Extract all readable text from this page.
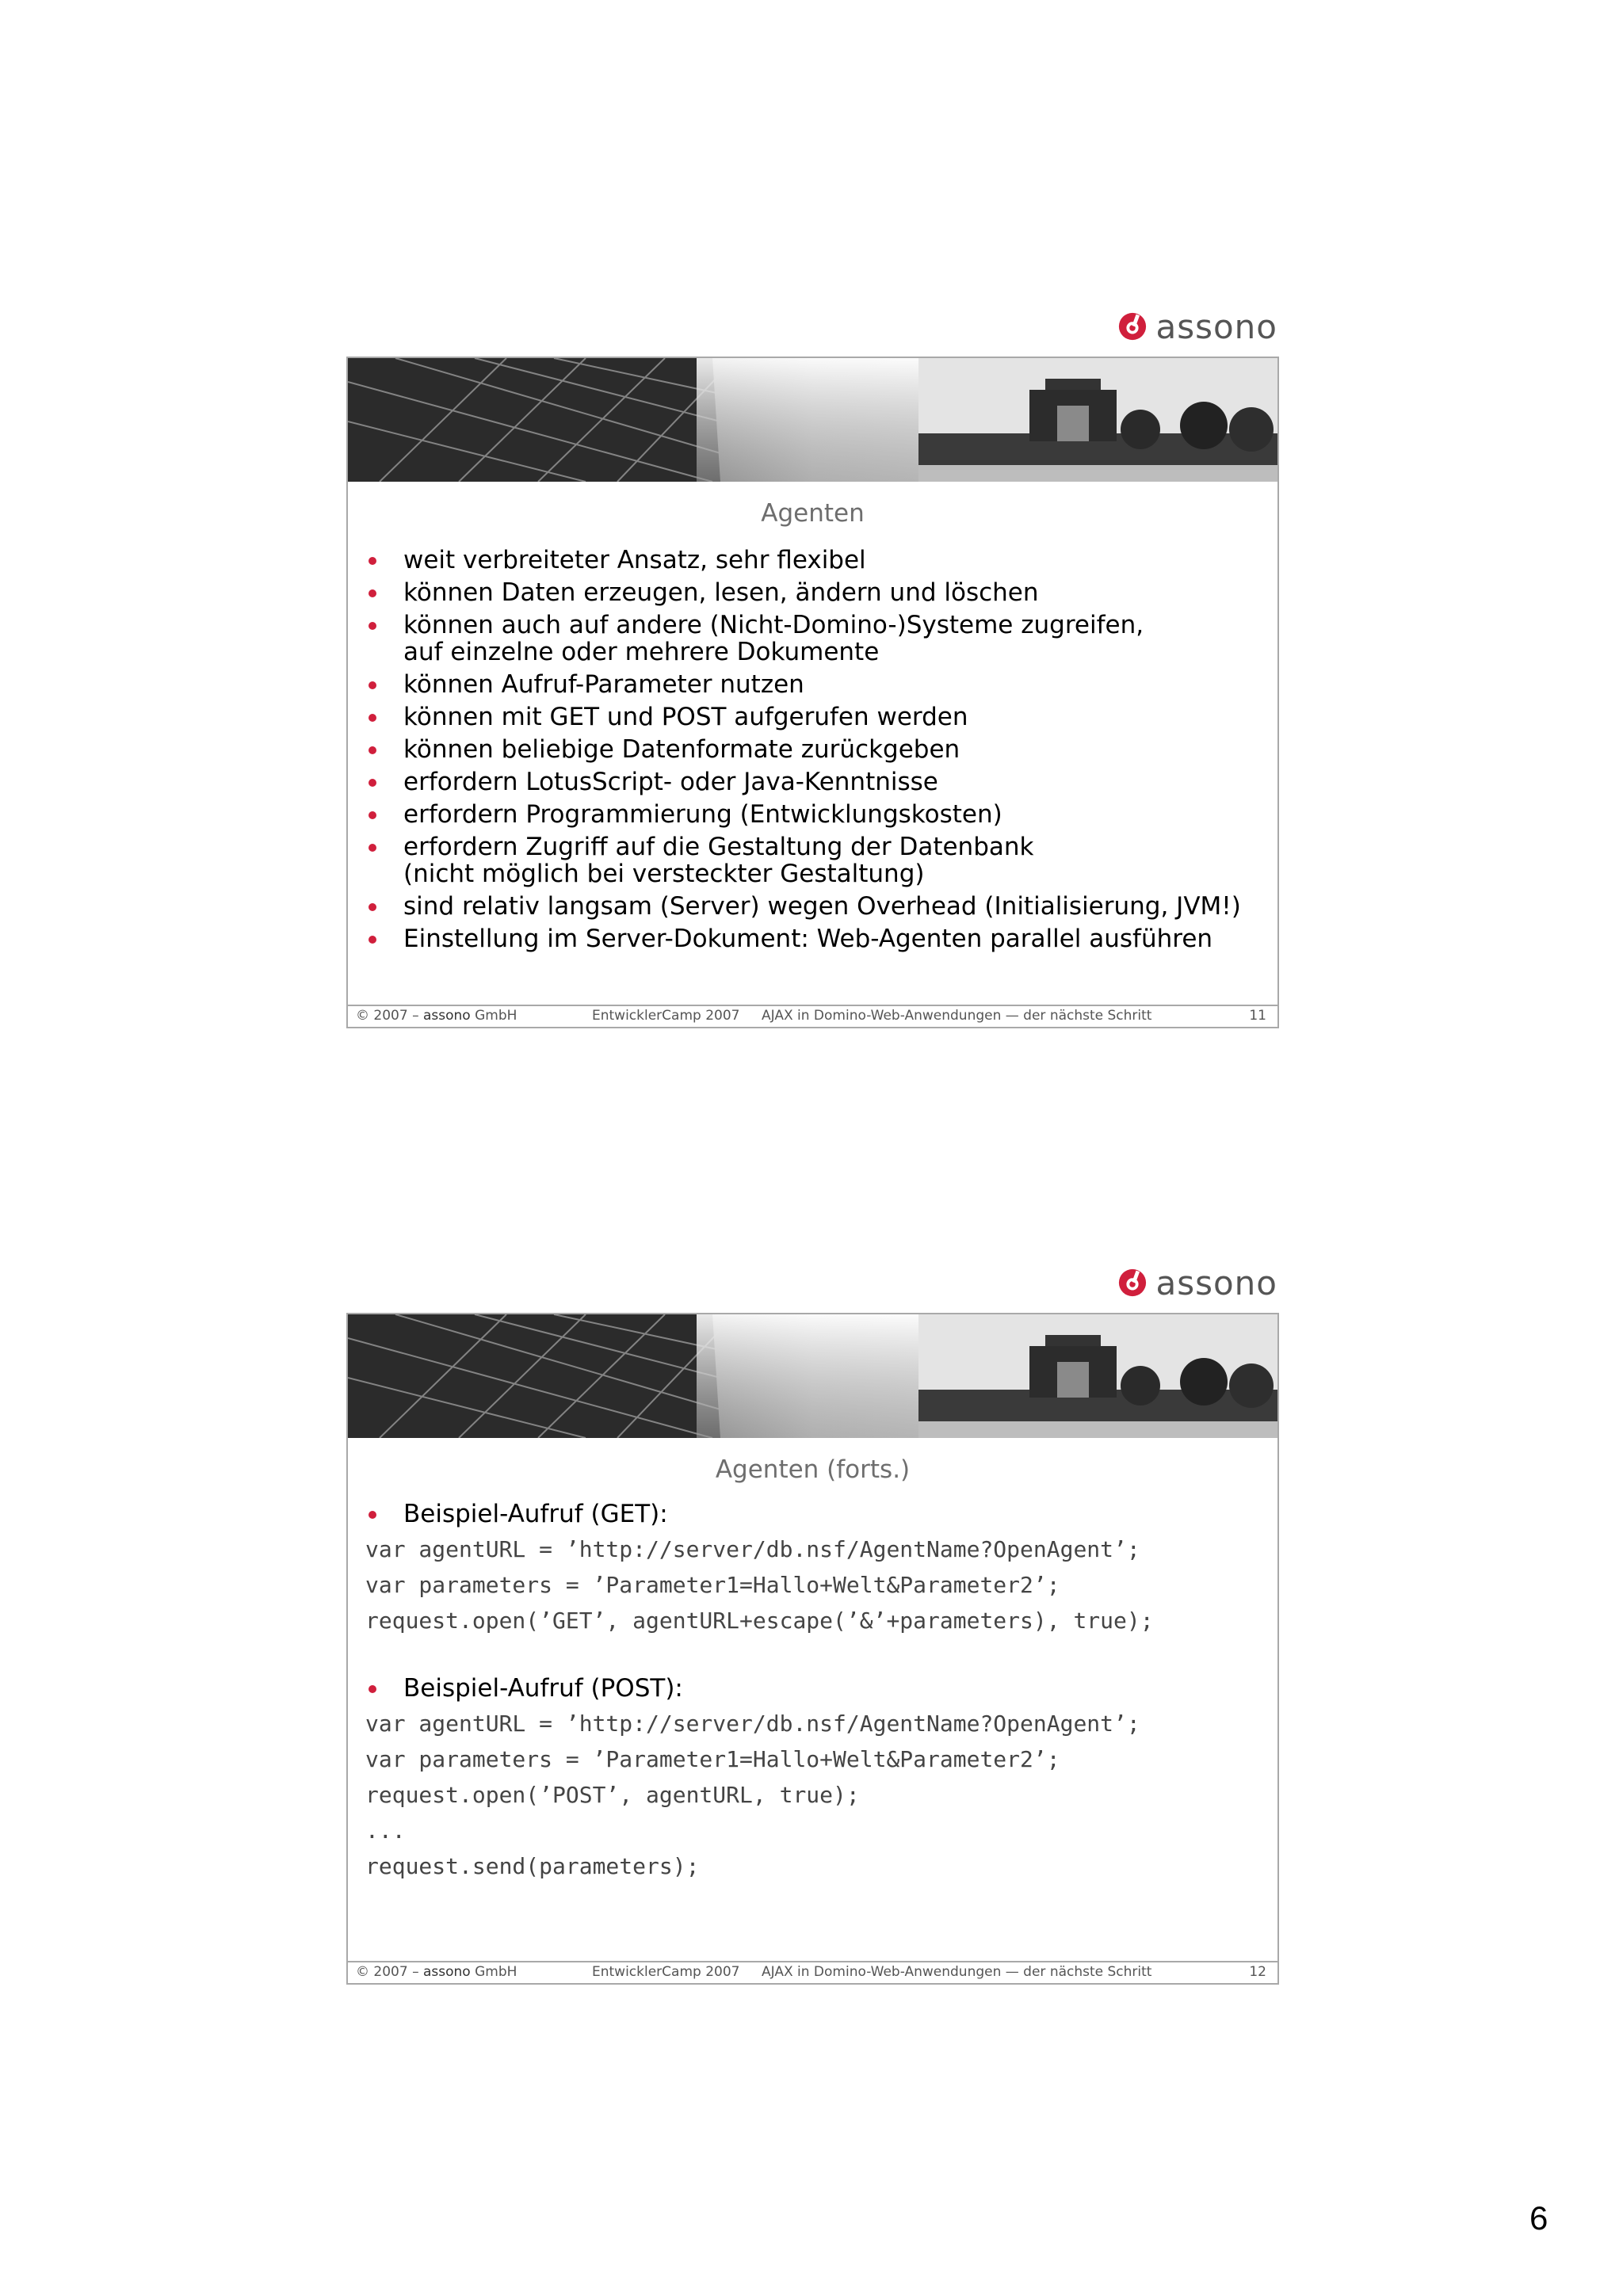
assono
Agenten
weit verbreiteter Ansatz, sehr flexibel
können Daten erzeugen, lesen, ändern und löschen
können auch auf andere (Nicht-Domino-)Systeme zugreifen,
auf einzelne oder mehrere Dokumente
können Aufruf-Parameter nutzen
können mit GET und POST aufgerufen werden
können beliebige Datenformate zurückgeben
erfordern LotusScript- oder Java-Kenntnisse
erfordern Programmierung (Entwicklungskosten)
erfordern Zugriff auf die Gestaltung der Datenbank
(nicht möglich bei versteckter Gestaltung)
sind relativ langsam (Server) wegen Overhead (Initialisierung, JVM!)
Einstellung im Server-Dokument: Web-Agenten parallel ausführen
© 2007 – assono GmbH	EntwicklerCamp 2007 AJAX in Domino-Web-Anwendungen — der nächste Schritt	11
assono
Agenten (forts.)
Beispiel-Aufruf (GET):
var agentURL = ’http://server/db.nsf/AgentName?OpenAgent’;
var parameters = ’Parameter1=Hallo+Welt&Parameter2’;
request.open(’GET’, agentURL+escape(’&’+parameters), true);
Beispiel-Aufruf (POST):
var agentURL = ’http://server/db.nsf/AgentName?OpenAgent’;
var parameters = ’Parameter1=Hallo+Welt&Parameter2’;
request.open(’POST’, agentURL, true);
...
request.send(parameters);
© 2007 – assono GmbH	EntwicklerCamp 2007 AJAX in Domino-Web-Anwendungen — der nächste Schritt	12
6
